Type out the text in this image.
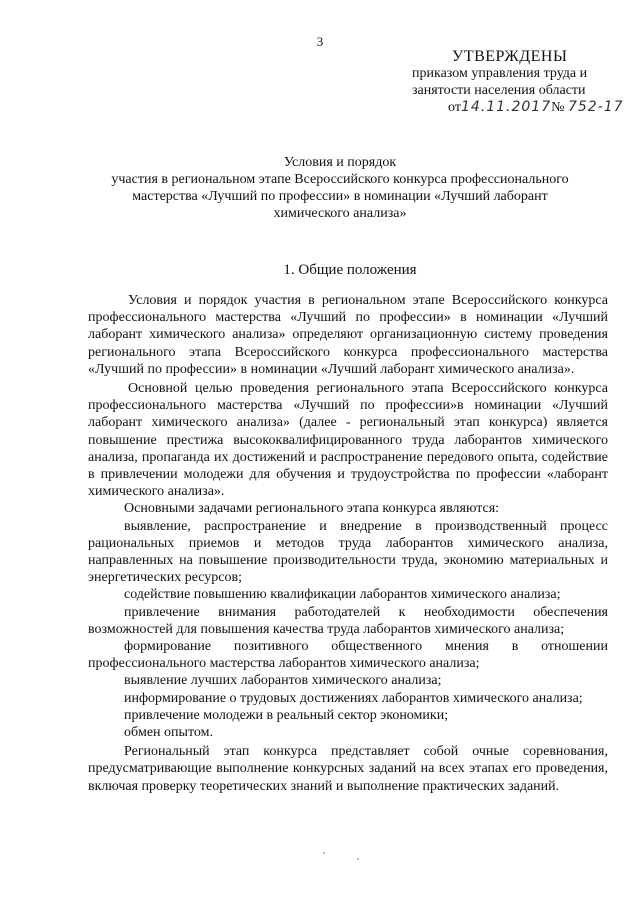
3
УТВЕРЖДЕНЫ
приказом управления труда и
занятости населения области
от14.11.2017№ 752-17
Условия и порядок
участия в региональном этапе Всероссийского конкурса профессионального
мастерства «Лучший по профессии» в номинации «Лучший лаборант
химического анализа»
1. Общие положения

Условия и порядок участия в региональном этапе Всероссийского конкурса профессионального мастерства «Лучший по профессии» в номинации «Лучший лаборант химического анализа» определяют организационную систему проведения регионального этапа Всероссийского конкурса профессионального мастерства «Лучший по профессии» в номинации «Лучший лаборант химического анализа».

Основной целью проведения регионального этапа Всероссийского конкурса профессионального мастерства «Лучший по профессии»в номинации «Лучший лаборант химического анализа» (далее - региональный этап конкурса) является повышение престижа высококвалифицированного труда лаборантов химического анализа, пропаганда их достижений и распространение передового опыта, содействие в привлечении молодежи для обучения и трудоустройства по профессии «лаборант химического анализа».

Основными задачами регионального этапа конкурса являются:

выявление, распространение и внедрение в производственный процесс рациональных приемов и методов труда лаборантов химического анализа, направленных на повышение производительности труда, экономию материальных и энергетических ресурсов;

содействие повышению квалификации лаборантов химического анализа;

привлечение внимания работодателей к необходимости обеспечения возможностей для повышения качества труда лаборантов химического анализа;

формирование позитивного общественного мнения в отношении профессионального мастерства лаборантов химического анализа;

выявление лучших лаборантов химического анализа;

информирование о трудовых достижениях лаборантов химического анализа;

привлечение молодежи в реальный сектор экономики;

обмен опытом.

Региональный этап конкурса представляет собой очные соревнования, предусматривающие выполнение конкурсных заданий на всех этапах его проведения, включая проверку теоретических знаний и выполнение практических заданий.
